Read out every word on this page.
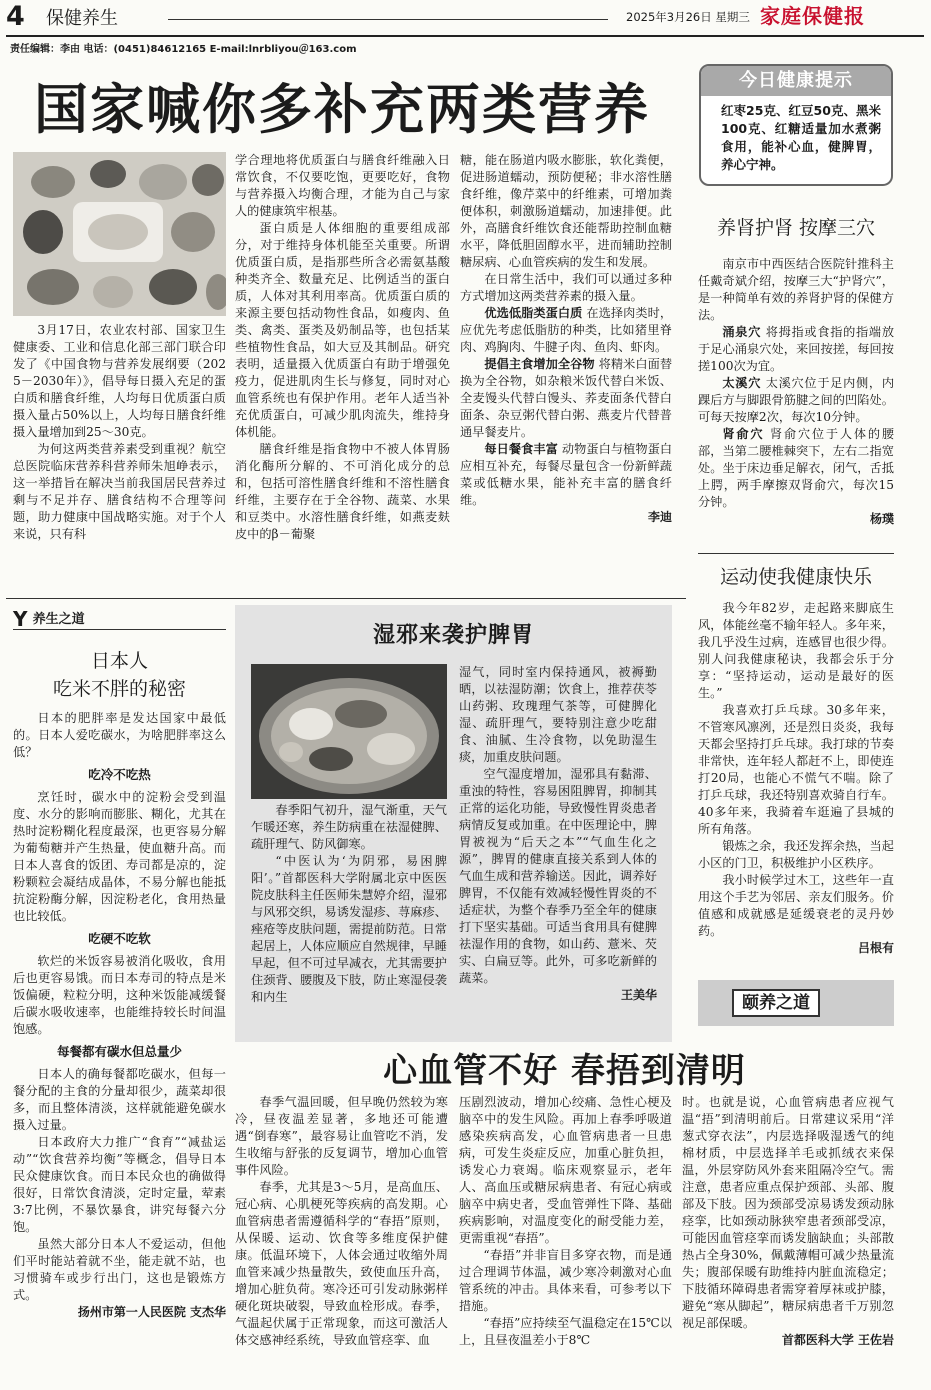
4 保健养生	2025年3月26日 星期三 家庭保健报
责任编辑：李由 电话：(0451)84612165 E-mail:lnrbliyou＠163.com
国家喊你多补充两类营养

3月17日，农业农村部、国家卫生健康委、工业和信息化部三部门联合印发了《中国食物与营养发展纲要（2025－2030年）》，倡导每日摄入充足的蛋白质和膳食纤维，人均每日优质蛋白质摄入量占50%以上，人均每日膳食纤维摄入量增加到25～30克。

为何这两类营养素受到重视？航空总医院临床营养科营养师朱旭峥表示，这一举措旨在解决当前我国居民营养过剩与不足并存、膳食结构不合理等问题，助力健康中国战略实施。对于个人来说，只有科

学合理地将优质蛋白与膳食纤维融入日常饮食，不仅要吃饱，更要吃好，食物与营养摄入均衡合理，才能为自己与家人的健康筑牢根基。

蛋白质是人体细胞的重要组成部分，对于维持身体机能至关重要。所谓优质蛋白质，是指那些所含必需氨基酸种类齐全、数量充足、比例适当的蛋白质，人体对其利用率高。优质蛋白质的来源主要包括动物性食品，如瘦肉、鱼类、禽类、蛋类及奶制品等，也包括某些植物性食品，如大豆及其制品。研究表明，适量摄入优质蛋白有助于增强免疫力，促进肌肉生长与修复，同时对心血管系统也有保护作用。老年人适当补充优质蛋白，可减少肌肉流失，维持身体机能。

膳食纤维是指食物中不被人体胃肠消化酶所分解的、不可消化成分的总和，包括可溶性膳食纤维和不溶性膳食纤维，主要存在于全谷物、蔬菜、水果和豆类中。水溶性膳食纤维，如燕麦麸皮中的β－葡聚

糖，能在肠道内吸水膨胀，软化粪便，促进肠道蠕动，预防便秘；非水溶性膳食纤维，像芹菜中的纤维素，可增加粪便体积，刺激肠道蠕动，加速排便。此外，高膳食纤维饮食还能帮助控制血糖水平，降低胆固醇水平，进而辅助控制糖尿病、心血管疾病的发生和发展。

在日常生活中，我们可以通过多种方式增加这两类营养素的摄入量。

优选低脂类蛋白质 在选择肉类时，应优先考虑低脂肪的种类，比如猪里脊肉、鸡胸肉、牛腱子肉、鱼肉、虾肉。

提倡主食增加全谷物 将精米白面替换为全谷物，如杂粮米饭代替白米饭、全麦馒头代替白馒头、荞麦面条代替白面条、杂豆粥代替白粥、燕麦片代替普通早餐麦片。

每日餐食丰富 动物蛋白与植物蛋白应相互补充，每餐尽量包含一份新鲜蔬菜或低糖水果，能补充丰富的膳食纤维。

李迪
今日健康提示
红枣25克、红豆50克、黑米100克、红糖适量加水煮粥食用，能补心血，健脾胃，养心宁神。
养肾护肾 按摩三穴

南京市中西医结合医院针推科主任戴奇斌介绍，按摩三大“护肾穴”，是一种简单有效的养肾护肾的保健方法。

涌泉穴 将拇指或食指的指端放于足心涌泉穴处，来回按搓，每回按搓100次为宜。

太溪穴 太溪穴位于足内侧，内踝后方与脚跟骨筋腱之间的凹陷处。可每天按摩2次，每次10分钟。

肾俞穴 肾俞穴位于人体的腰部，当第二腰椎棘突下，左右二指宽处。坐于床边垂足解衣，闭气，舌抵上腭，两手摩擦双肾俞穴，每次15分钟。

杨璞
运动使我健康快乐

我今年82岁，走起路来脚底生风，体能丝毫不输年轻人。多年来，我几乎没生过病，连感冒也很少得。别人问我健康秘诀，我都会乐于分享：“坚持运动，运动是最好的医生。”

我喜欢打乒乓球。30多年来，不管寒风凛冽，还是烈日炎炎，我每天都会坚持打乒乓球。我打球的节奏非常快，连年轻人都赶不上，即使连打20局，也能心不慌气不喘。除了打乒乓球，我还特别喜欢骑自行车。40多年来，我骑着车逛遍了县城的所有角落。

锻炼之余，我还发挥余热，当起小区的门卫，积极维护小区秩序。

我小时候学过木工，这些年一直用这个手艺为邻居、亲友们服务。价值感和成就感是延缓衰老的灵丹妙药。

吕根有
颐养之道
Y 养生之道
日本人
吃米不胖的秘密

日本的肥胖率是发达国家中最低的。日本人爱吃碳水，为啥肥胖率这么低？

吃冷不吃热

烹饪时，碳水中的淀粉会受到温度、水分的影响而膨胀、糊化，尤其在热时淀粉糊化程度最深，也更容易分解为葡萄糖并产生热量，使血糖升高。而日本人喜食的饭团、寿司都是凉的，淀粉颗粒会凝结成晶体，不易分解也能抵抗淀粉酶分解，因淀粉老化，食用热量也比较低。

吃硬不吃软

软烂的米饭容易被消化吸收，食用后也更容易饿。而日本寿司的特点是米饭偏硬，粒粒分明，这种米饭能减缓餐后碳水吸收速率，也能维持较长时间温饱感。

每餐都有碳水但总量少

日本人的确每餐都吃碳水，但每一餐分配的主食的分量却很少，蔬菜却很多，而且整体清淡，这样就能避免碳水摄入过量。

日本政府大力推广“食育”“减盐运动”“饮食营养均衡”等概念，倡导日本民众健康饮食。而日本民众也的确做得很好，日常饮食清淡，定时定量，荤素3:7比例，不暴饮暴食，讲究每餐六分饱。

虽然大部分日本人不爱运动，但他们平时能站着就不坐，能走就不站，也习惯骑车或步行出门，这也是锻炼方式。

扬州市第一人民医院 支杰华
湿邪来袭护脾胃

春季阳气初升，湿气渐重，天气乍暖还寒，养生防病重在祛湿健脾、疏肝理气、防风御寒。

“中医认为‘为阴邪，易困脾阳’。”首都医科大学附属北京中医医院皮肤科主任医师朱慧婷介绍，湿邪与风邪交织，易诱发湿疹、荨麻疹、痤疮等皮肤问题，需提前防范。日常起居上，人体应顺应自然规律，早睡早起，但不可过早减衣，尤其需要护住颈背、腰腹及下肢，防止寒湿侵袭和内生

湿气，同时室内保持通风，被褥勤晒，以祛湿防潮；饮食上，推荐茯苓山药粥、玫瑰理气茶等，可健脾化湿、疏肝理气，要特别注意少吃甜食、油腻、生冷食物，以免助湿生痰，加重皮肤问题。

空气湿度增加，湿邪具有黏滞、重浊的特性，容易困阻脾胃，抑制其正常的运化功能，导致慢性胃炎患者病情反复或加重。在中医理论中，脾胃被视为“后天之本”“气血生化之源”，脾胃的健康直接关系到人体的气血生成和营养输送。因此，调养好脾胃，不仅能有效减轻慢性胃炎的不适症状，为整个春季乃至全年的健康打下坚实基础。可适当食用具有健脾祛湿作用的食物，如山药、薏米、芡实、白扁豆等。此外，可多吃新鲜的蔬菜。

王美华
心血管不好 春捂到清明

春季气温回暖，但早晚仍然较为寒冷，昼夜温差显著，多地还可能遭遇“倒春寒”，最容易让血管吃不消，发生收缩与舒张的反复调节，增加心血管事件风险。

春季，尤其是3～5月，是高血压、冠心病、心肌梗死等疾病的高发期。心血管病患者需遵循科学的“春捂”原则，从保暖、运动、饮食等多维度保护健康。低温环境下，人体会通过收缩外周血管来减少热量散失，致使血压升高，增加心脏负荷。寒冷还可引发动脉粥样硬化斑块破裂，导致血栓形成。春季，气温起伏属于正常现象，而这可激活人体交感神经系统，导致血管痉挛、血

压剧烈波动，增加心绞痛、急性心梗及脑卒中的发生风险。再加上春季呼吸道感染疾病高发，心血管病患者一旦患病，可发生炎症反应，加重心脏负担，诱发心力衰竭。临床观察显示，老年人、高血压或糖尿病患者、有冠心病或脑卒中病史者，受血管弹性下降、基础疾病影响，对温度变化的耐受能力差，更需重视“春捂”。

“春捂”并非盲目多穿衣物，而是通过合理调节体温，减少寒冷刺激对心血管系统的冲击。具体来看，可参考以下措施。

“春捂”应持续至气温稳定在15℃以上，且昼夜温差小于8℃

时。也就是说，心血管病患者应视气温“捂”到清明前后。日常建议采用“洋葱式穿衣法”，内层选择吸湿透气的纯棉材质，中层选择羊毛或抓绒衣来保温，外层穿防风外套来阻隔冷空气。需注意，患者应重点保护颈部、头部、腹部及下肢。因为颈部受凉易诱发颈动脉痉挛，比如颈动脉狭窄患者颈部受凉，可能因血管痉挛而诱发脑缺血；头部散热占全身30%，佩戴薄帽可减少热量流失；腹部保暖有助维持内脏血流稳定；下肢循环障碍患者需穿着厚袜或护膝，避免“寒从脚起”，糖尿病患者千万别忽视足部保暖。

首都医科大学 王佐岩
